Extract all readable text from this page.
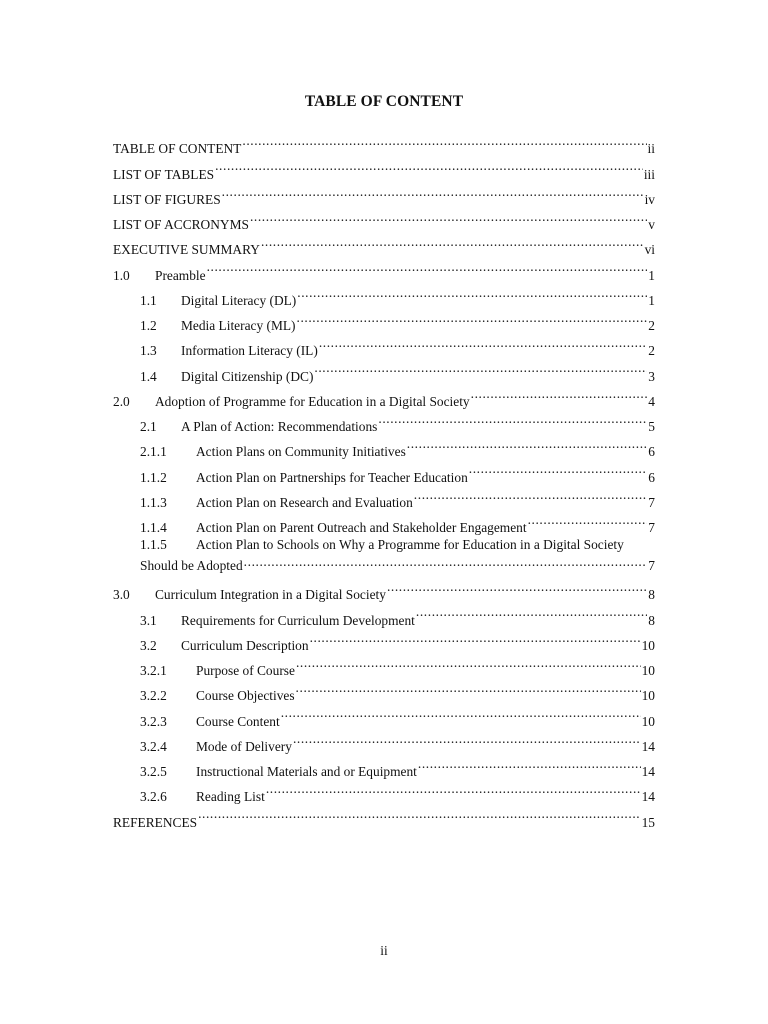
TABLE OF CONTENT
TABLE OF CONTENT .....	ii
LIST OF TABLES .....	iii
LIST OF FIGURES .....	iv
LIST OF ACCRONYMS .....	v
EXECUTIVE SUMMARY .....	vi
1.0	Preamble .....	1
1.1	Digital Literacy (DL) .....	1
1.2	Media Literacy (ML) .....	2
1.3	Information Literacy (IL) .....	2
1.4	Digital Citizenship (DC) .....	3
2.0	Adoption of Programme for Education in a Digital Society .....	4
2.1	A Plan of Action: Recommendations .....	5
2.1.1	Action Plans on Community Initiatives .....	6
1.1.2	Action Plan on Partnerships for Teacher Education .....	6
1.1.3	Action Plan on Research and Evaluation .....	7
1.1.4	Action Plan on Parent Outreach and Stakeholder Engagement .....	7
1.1.5 Action Plan to Schools on Why a Programme for Education in a Digital Society
Should be Adopted .....	7
3.0	Curriculum Integration in a Digital Society .....	8
3.1	Requirements for Curriculum Development .....	8
3.2	Curriculum Description .....	10
3.2.1	Purpose of Course .....	10
3.2.2	Course Objectives .....	10
3.2.3	Course Content .....	10
3.2.4	Mode of Delivery .....	14
3.2.5	Instructional Materials and or Equipment .....	14
3.2.6	Reading List .....	14
REFERENCES .....	15
ii
